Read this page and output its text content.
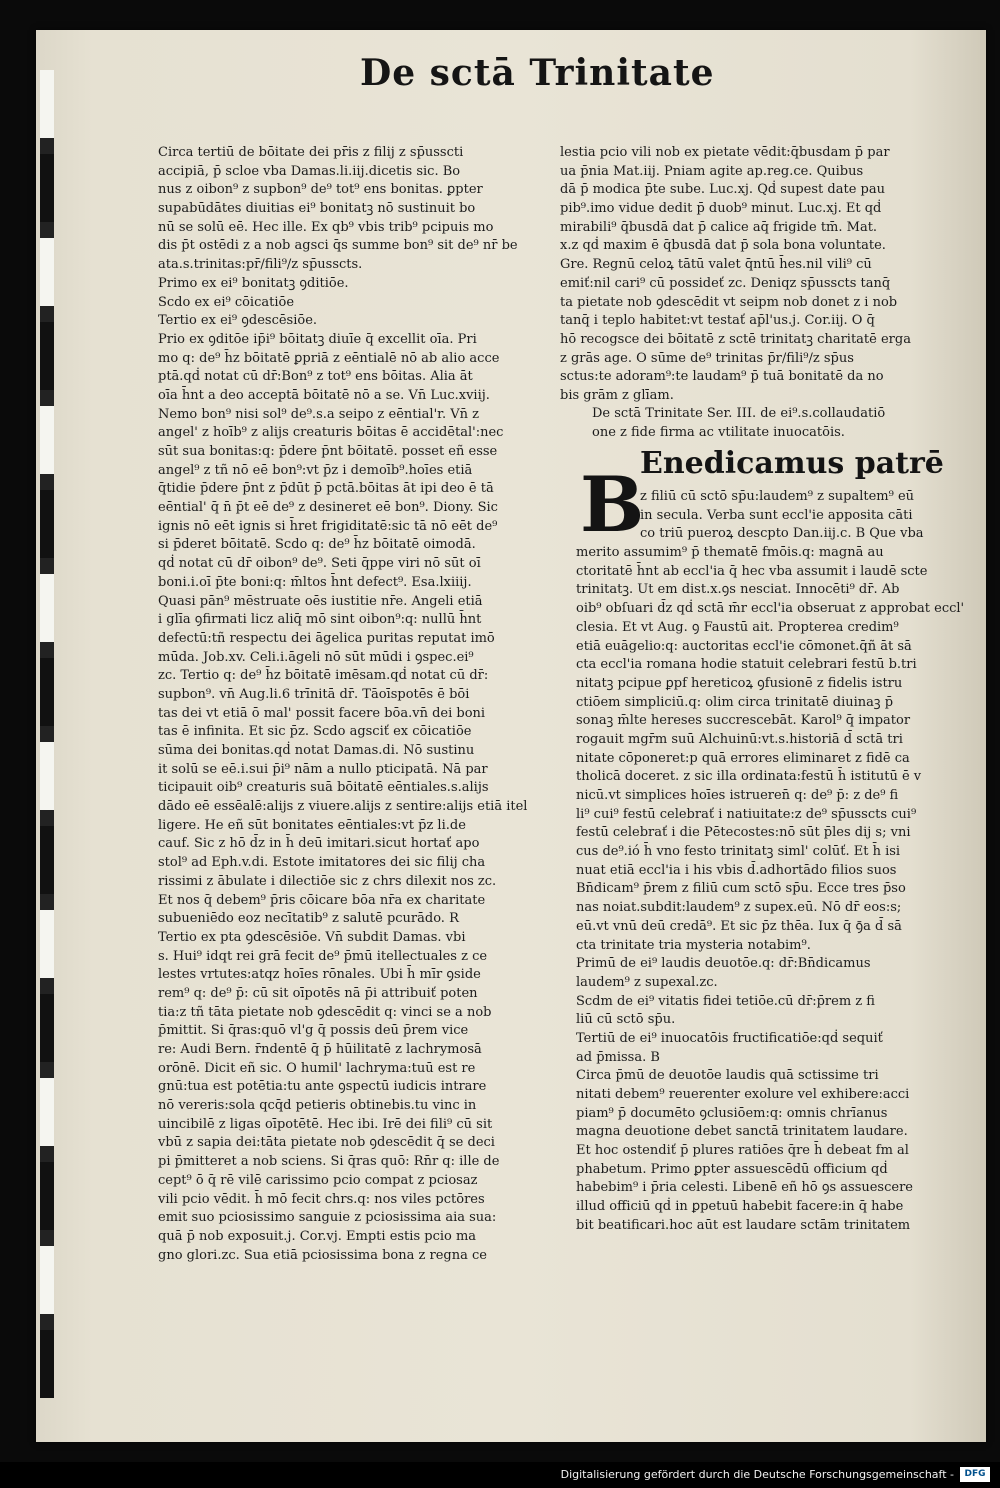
De sctā Trinitate
Circa tertiū de bōitate dei pr̄is z filij z sp̄usscti
accipiā‚ p̄ scloe vba Damas.li.iij.dicetis sic. Bo
nus z oibon⁹ z supbon⁹ de⁹ tot⁹ ens bonitas. ꝑpter
supabūdātes diuitias ei⁹ bonitatꝫ nō sustinuit bo
nū se solū eē. Hec ille. Ex qb⁹ vbis trib⁹ pcipuis mo
dis p̄t ostēdi z a nob agsci q̄s summe bon⁹ sit de⁹ nr̄ be
ata.s.trinitas:pr̄/fili⁹/z sp̄usscts.
Primo ex ei⁹ bonitatꝫ ꝯditiōe.
Scdo ex ei⁹ cōicatiōe
Tertio ex ei⁹ ꝯdescēsiōe.
Prio ex ꝯditōe ip̄i⁹ bōitatꝫ diuīe q̄ excellit oīa. Pri
mo q: de⁹ h̄z bōitatē ꝑpriā z eēntialē nō ab alio acce
ptā.qḋ notat cū dr̄:Bon⁹ z tot⁹ ens bōitas. Alia āt
oīa h̄nt a deo acceptā bōitatē nō a se. Vn̄ Luc.xviij.
Nemo bon⁹ nisi sol⁹ de⁹.s.a seipo z eēntial'r. Vn̄ z
angel' z hoīb⁹ z alijs creaturis bōitas ē accidētal':nec
sūt sua bonitas:q: p̄dere p̄nt bōitatē. posset eñ esse
angel⁹ z tñ nō eē bon⁹:vt p̄z i demoīb⁹.hoīes etiā
q̄tidie p̄dere p̄nt z p̄dūt p̄ pctā.bōitas āt ipi deo ē tā
eēntial' q̄ n̄ p̄t eē de⁹ z desineret eē bon⁹. Diony. Sic
ignis nō eēt ignis si h̄ret frigiditatē:sic tā nō eēt de⁹
si p̄deret bōitatē. Scdo q: de⁹ h̄z bōitatē oimodā.
qḋ notat cū dr̄ oibon⁹ de⁹. Seti q̄ppe viri nō sūt oī
boni.i.oī p̄te boni:q: m̄ltos h̄nt defect⁹. Esa.lxiiij.
Quasi pān⁹ mēstruate oēs iustitie nr̄e. Angeli etiā
i glīa ꝯfirmati licz aliq̄ mō sint oibon⁹:q: nullū h̄nt
defectū:tñ respectu dei āgelica puritas reputat imō
mūda. Job.xv. Celi.i.āgeli nō sūt mūdi i ꝯspec.ei⁹
zc. Tertio q: de⁹ h̄z bōitatē imēsam.qḋ notat cū dr̄:
supbon⁹. vn̄ Aug.li.6 trīnitā dr̄. Tāoīspotēs ē bōi
tas dei vt etiā ō mal' possit facere bōa.vn̄ dei boni
tas ē infinita. Et sic p̄z. Scdo agsciť ex cōicatiōe
sūma dei bonitas.qḋ notat Damas.di. Nō sustinu
it solū se eē.i.sui p̄i⁹ nām a nullo pticipatā. Nā par
ticipauit oib⁹ creaturis suā bōitatē eēntiales.s.alijs
dādo eē essēalē:alijs z viuere.alijs z sentire:alijs etiā itel
ligere. He eñ sūt bonitates eēntiales:vt p̄z li.de
cauf. Sic z hō d̄z in h̄ deū imitari.sicut hortať apo
stol⁹ ad Eph.v.di. Estote imitatores dei sic filij cha
rissimi z ābulate i dilectiōe sic z chrs dilexit nos zc.
Et nos q̄ debem⁹ p̄ris cōicare bōa nr̄a ex charitate
subueniēdo eoz necītatib⁹ z salutē pcurādo. R
Tertio ex pta ꝯdescēsiōe. Vn̄ subdit Damas. vbi
s. Hui⁹ idqt rei grā fecit de⁹ p̄mū itellectuales z ce
lestes vrtutes:atqz hoīes rōnales. Ubi h̄ mīr ꝯside
rem⁹ q: de⁹ p̄: cū sit oīpotēs nā p̄i attribuiť poten
tia:z tñ tāta pietate nob ꝯdescēdit q: vinci se a nob
p̄mittit. Si q̄ras:quō vl'g q̄ possis deū p̄rem vice
re: Audi Bern. r̄ndentē q̄ p̄ hūilitatē z lachrymosā
orōnē. Dicit eñ sic. O humil' lachryma:tuū est re
gnū:tua est potētia:tu ante ꝯspectū iudicis intrare
nō vereris:sola qcq̄d petieris obtinebis.tu vinc in
uincibilē z ligas oīpotētē. Hec ibi. Irē dei fili⁹ cū sit
vbū z sapia dei:tāta pietate nob ꝯdescēdit q̄ se deci
pi p̄mitteret a nob sciens. Si q̄ras quō: Rn̄r q: ille de
cept⁹ ō q̄ rē vilē carissimo pcio compat z pciosaz
vili pcio vēdit. h̄ mō fecit chrs.q: nos viles pctōres
emit suo pciosissimo sanguie z pciosissima aia sua:
quā p̄ nob exposuit.j. Cor.vj. Empti estis pcio ma
gno glori.zc. Sua etiā pciosissima bona z regna ce
lestia pcio vili nob ex pietate vēdit:q̄busdam p̄ par
ua p̄nia Mat.iij. Pniam agite ap.reg.ce. Quibus
dā p̄ modica p̄te sube. Luc.xj. Qḋ supest date pau
pib⁹.imo vidue dedit p̄ duob⁹ minut. Luc.xj. Et qḋ
mirabili⁹ q̄busdā dat p̄ calice aq̄ frigide tm̄. Mat.
x.z qḋ maxim ē q̄busdā dat p̄ sola bona voluntate.
Gre. Regnū celoꝝ tātū valet q̄ntū h̄es.nil vili⁹ cū
emiť:nil cari⁹ cū possideť zc. Deniqz sp̄usscts tanq̄
ta pietate nob ꝯdescēdit vt seipm nob donet z i nob
tanq̄ i teplo habitet:vt testať ap̄l'us.j. Cor.iij. O q̄
hō recogsce dei bōitatē z sctē trinitatꝫ charitatē erga
z grās age. O sūme de⁹ trinitas p̄r/fili⁹/z sp̄us
sctus:te adoram⁹:te laudam⁹ p̄ tuā bonitatē da no
bis grām z glīam.
De sctā Trinitate Ser. III. de ei⁹.s.collaudatiō
one z fide firma ac vtilitate inuocatōis.
Enedicamus patrē
B
z filiū cū sctō sp̄u:laudem⁹ z supaltem⁹ eū
in secula. Verba sunt eccl'ie apposita cāti
co triū pueroꝝ descpto Dan.iij.c. B Que vba
merito assumim⁹ p̄ thematē fmōis.q: magnā au
ctoritatē h̄nt ab eccl'ia q̄ hec vba assumit i laudē scte
trinitatꝫ. Ut em dist.x.ꝯs nesciat. Innocēti⁹ dr̄. Ab
oib⁹ obſuari d̄z qḋ sctā m̄r eccl'ia obseruat z approbat eccl'
clesia. Et vt Aug. ꝯ Faustū ait. Propterea credim⁹
etiā euāgelio:q: auctoritas eccl'ie cōmonet.q̄ñ āt sā
cta eccl'ia romana hodie statuit celebrari festū b.tri
nitatꝫ pcipue ꝑpf hereticoꝝ ꝯfusionē z fidelis istru
ctiōem simpliciū.q: olim circa trinitatē diuinaꝫ p̄
sonaꝫ m̄lte hereses succrescebāt. Karol⁹ q̄ impator
rogauit mgr̄m suū Alchuinū:vt.s.historiā d̄ sctā tri
nitate cōponeret:p quā errores eliminaret z fidē ca
tholicā doceret. z sic illa ordinata:festū h̄ istitutū ē v
nicū.vt simplices hoīes istrueren̄ q: de⁹ p̄: z de⁹ fi
li⁹ cui⁹ festū celebrať i natiuitate:z de⁹ sp̄usscts cui⁹
festū celebrať i die Pētecostes:nō sūt p̄les dij s; vni
cus de⁹.ió h̄ vno festo trinitatꝫ siml' colūť. Et h̄ isi
nuat etiā eccl'ia i his vbis d̄.adhortādo filios suos
Bn̄dicam⁹ p̄rem z filiū cum sctō sp̄u. Ecce tres p̄so
nas noiat.subdit:laudem⁹ z supex.eū. Nō dr̄ eos:s;
eū.vt vnū deū credā⁹. Et sic p̄z thēa. Iux q̄ ꝯ̄a d̄ sā
cta trinitate tria mysteria notabim⁹.
Primū de ei⁹ laudis deuotōe.q: dr̄:Bn̄dicamus
laudem⁹ z supexal.zc.
Scdm de ei⁹ vitatis fidei tetiōe.cū dr̄:p̄rem z fi
liū cū sctō sp̄u.
Tertiū de ei⁹ inuocatōis fructificatiōe:qḋ sequiť
ad p̄missa. B
Circa p̄mū de deuotōe laudis quā sctissime tri
nitati debem⁹ reuerenter exolure vel exhibere:acci
piam⁹ p̄ documēto ꝯclusiōem:q: omnis chrīanus
magna deuotione debet sanctā trinitatem laudare.
Et hoc ostendiť p̄ plures ratiōes q̄re h̄ debeat fm al
phabetum. Primo ꝑpter assuescēdū officium qḋ
habebim⁹ i p̄ria celesti. Libenē eñ hō ꝯs assuescere
illud officiū qḋ in ꝑpetuū habebit facere:in q̄ habe
bit beatificari.hoc aūt est laudare sctām trinitatem
Digitalisierung gefördert durch die Deutsche Forschungsgemeinschaft -	DFG
